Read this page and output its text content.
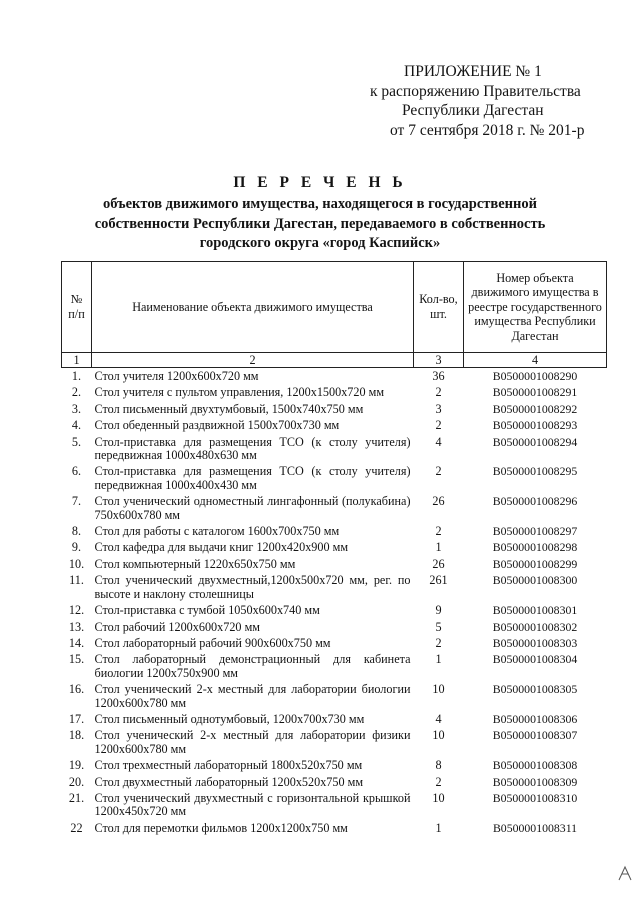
ПРИЛОЖЕНИЕ № 1
к распоряжению Правительства
Республики Дагестан
от 7 сентября 2018 г. № 201-р
П Е Р Е Ч Е Н Ь
объектов движимого имущества, находящегося в государственной
собственности Республики Дагестан, передаваемого в собственность
городского округа «город Каспийск»
№ п/п	Наименование объекта движимого имущества	Кол-во, шт.	Номер объекта движимого имущества в реестре государственного имущества Республики Дагестан
1	2	3	4
1.	Стол учителя 1200х600х720 мм	36	В0500001008290
2.	Стол учителя с пультом управления, 1200х1500х720 мм	2	В0500001008291
3.	Стол письменный двухтумбовый, 1500х740х750 мм	3	В0500001008292
4.	Стол обеденный раздвижной 1500х700х730 мм	2	В0500001008293
5.	Стол-приставка для размещения ТСО (к столу учителя) передвижная 1000х480х630 мм	4	В0500001008294
6.	Стол-приставка для размещения ТСО (к столу учителя) передвижная 1000х400х430 мм	2	В0500001008295
7.	Стол ученический одноместный лингафонный (полукабина) 750х600х780 мм	26	В0500001008296
8.	Стол для работы с каталогом 1600х700х750 мм	2	В0500001008297
9.	Стол кафедра для выдачи книг 1200х420х900 мм	1	В0500001008298
10.	Стол компьютерный 1220х650х750 мм	26	В0500001008299
11.	Стол ученический двухместный,1200х500х720 мм, рег. по высоте и наклону столешницы	261	В0500001008300
12.	Стол-приставка с тумбой 1050х600х740 мм	9	В0500001008301
13.	Стол рабочий 1200х600х720 мм	5	В0500001008302
14.	Стол лабораторный рабочий 900х600х750 мм	2	В0500001008303
15.	Стол лабораторный демонстрационный для кабинета биологии 1200х750х900 мм	1	В0500001008304
16.	Стол ученический 2-х местный для лаборатории биологии 1200х600х780 мм	10	В0500001008305
17.	Стол письменный однотумбовый, 1200х700х730 мм	4	В0500001008306
18.	Стол ученический 2-х местный для лаборатории физики 1200х600х780 мм	10	В0500001008307
19.	Стол трехместный лабораторный 1800х520х750 мм	8	В0500001008308
20.	Стол двухместный лабораторный 1200х520х750 мм	2	В0500001008309
21.	Стол ученический двухместный с горизонтальной крышкой 1200х450х720 мм	10	В0500001008310
22	Стол для перемотки фильмов 1200х1200х750 мм	1	В0500001008311
